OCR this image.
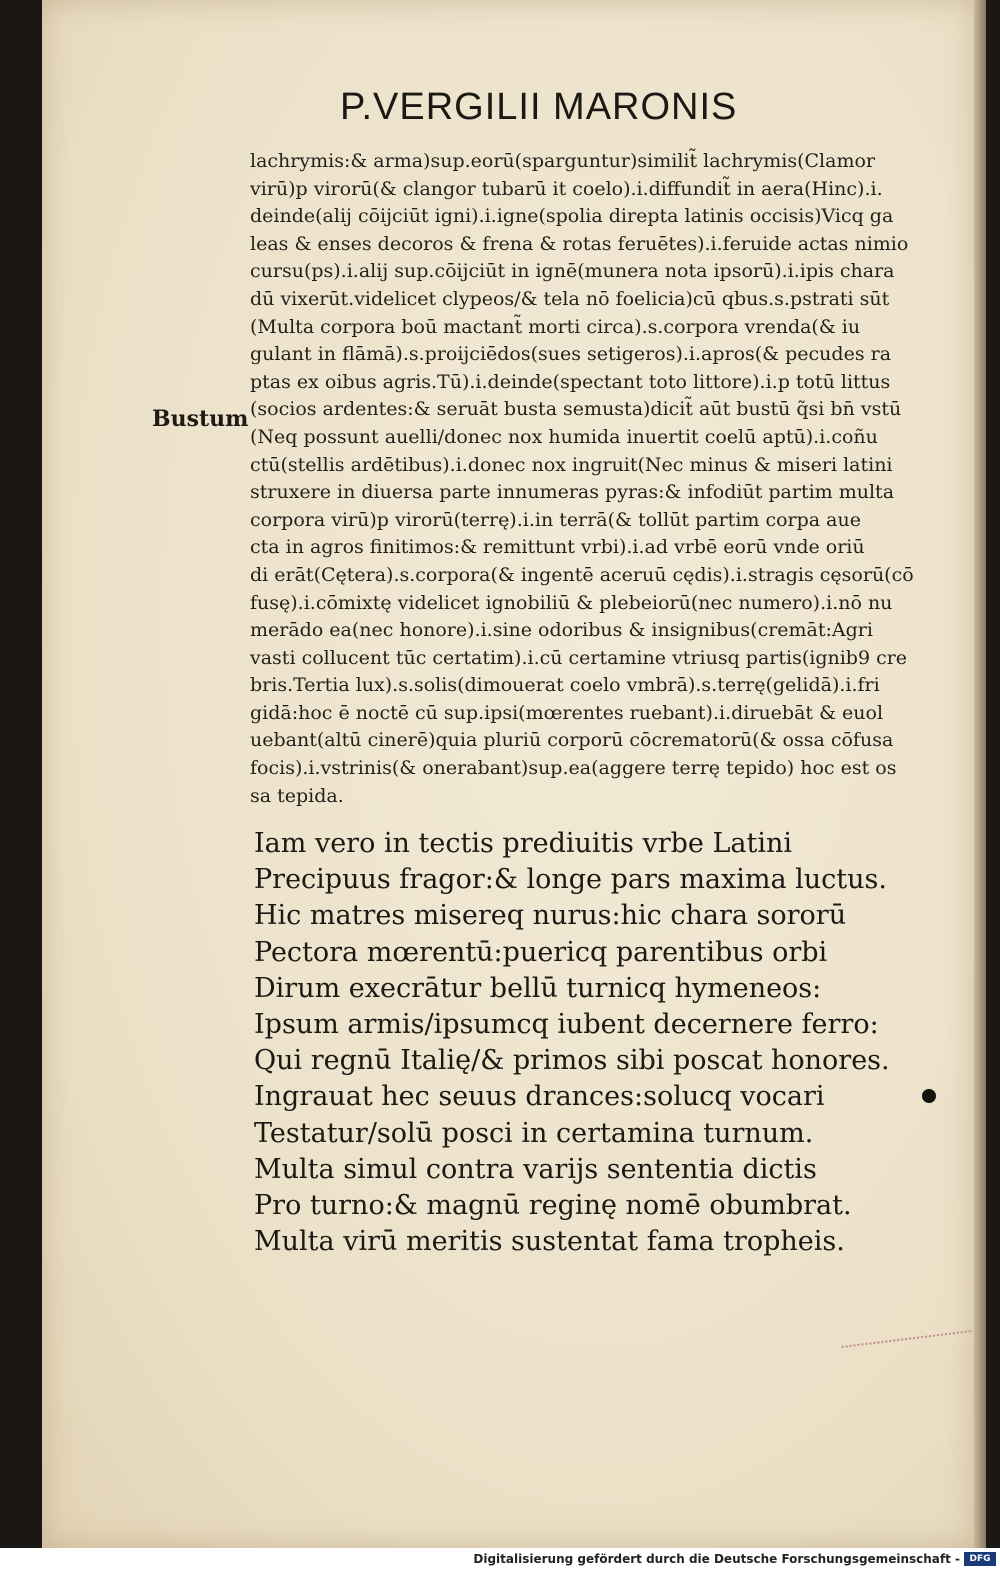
P.VERGILII MARONIS
Bustum
lachrymis:& arma)sup.eorū(sparguntur)similit̃ lachrymis(Clamor
virū)p virorū(& clangor tubarū it coelo).i.diffundit̃ in aera(Hinc).i.
deinde(alij cōijciūt igni).i.igne(spolia direpta latinis occisis)Vicq ga
leas & enses decoros & frena & rotas feruētes).i.feruide actas nimio
cursu(ps).i.alij sup.cōijciūt in ignē(munera nota ipsorū).i.ipis chara
dū vixerūt.videlicet clypeos/& tela nō foelicia)cū qbus.s.pstrati sūt
(Multa corpora boū mactant̃ morti circa).s.corpora vrenda(& iu
gulant in flāmā).s.proijciēdos(sues setigeros).i.apros(& pecudes ra
ptas ex oibus agris.Tū).i.deinde(spectant toto littore).i.p totū littus
(socios ardentes:& seruāt busta semusta)dicit̃ aūt bustū q̃si bn̄ vstū
(Neq possunt auelli/donec nox humida inuertit coelū aptū).i.coñu
ctū(stellis ardētibus).i.donec nox ingruit(Nec minus & miseri latini
struxere in diuersa parte innumeras pyras:& infodiūt partim multa
corpora virū)p virorū(terrę).i.in terrā(& tollūt partim corpa aue
cta in agros finitimos:& remittunt vrbi).i.ad vrbē eorū vnde oriū
di erāt(Cętera).s.corpora(& ingentē aceruū cędis).i.stragis cęsorū(cō
fusę).i.cōmixtę videlicet ignobiliū & plebeiorū(nec numero).i.nō nu
merādo ea(nec honore).i.sine odoribus & insignibus(cremāt:Agri
vasti collucent tūc certatim).i.cū certamine vtriusq partis(ignib9 cre
bris.Tertia lux).s.solis(dimouerat coelo vmbrā).s.terrę(gelidā).i.fri
gidā:hoc ē noctē cū sup.ipsi(mœrentes ruebant).i.diruebāt & euol
uebant(altū cinerē)quia pluriū corporū cōcrematorū(& ossa cōfusa
focis).i.vstrinis(& onerabant)sup.ea(aggere terrę tepido) hoc est os
sa tepida.
Iam vero in tectis prediuitis vrbe Latini
Precipuus fragor:& longe pars maxima luctus.
Hic matres misereq nurus:hic chara sororū
Pectora mœrentū:puericq parentibus orbi
Dirum execrātur bellū turnicq hymeneos:
Ipsum armis/ipsumcq iubent decernere ferro:
Qui regnū Italię/& primos sibi poscat honores.
Ingrauat hec seuus drances:solucq vocari
Testatur/solū posci in certamina turnum.
Multa simul contra varijs sententia dictis
Pro turno:& magnū reginę nomē obumbrat.
Multa virū meritis sustentat fama tropheis.
Digitalisierung gefördert durch die Deutsche Forschungsgemeinschaft -	DFG
